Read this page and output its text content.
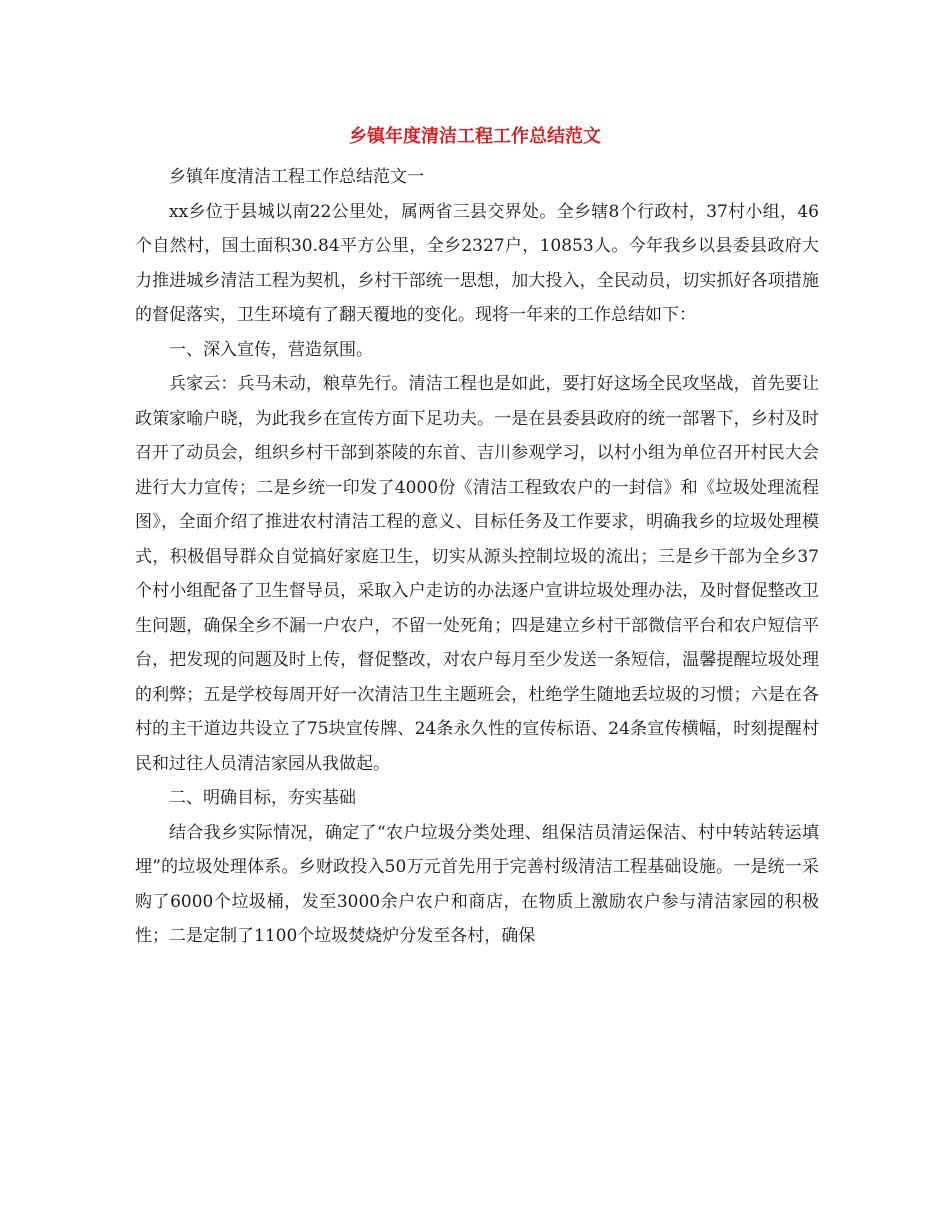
乡镇年度清洁工程工作总结范文

乡镇年度清洁工程工作总结范文一

xx乡位于县城以南22公里处，属两省三县交界处。全乡辖8个行政村，37村小组，46个自然村，国土面积30.84平方公里，全乡2327户，10853人。今年我乡以县委县政府大力推进城乡清洁工程为契机，乡村干部统一思想，加大投入，全民动员，切实抓好各项措施的督促落实，卫生环境有了翻天覆地的变化。现将一年来的工作总结如下：

一、深入宣传，营造氛围。

兵家云：兵马未动，粮草先行。清洁工程也是如此，要打好这场全民攻坚战，首先要让政策家喻户晓，为此我乡在宣传方面下足功夫。一是在县委县政府的统一部署下，乡村及时召开了动员会，组织乡村干部到茶陵的东首、吉川参观学习，以村小组为单位召开村民大会进行大力宣传；二是乡统一印发了4000份《清洁工程致农户的一封信》和《垃圾处理流程图》，全面介绍了推进农村清洁工程的意义、目标任务及工作要求，明确我乡的垃圾处理模式，积极倡导群众自觉搞好家庭卫生，切实从源头控制垃圾的流出；三是乡干部为全乡37个村小组配备了卫生督导员，采取入户走访的办法逐户宣讲垃圾处理办法，及时督促整改卫生问题，确保全乡不漏一户农户，不留一处死角；四是建立乡村干部微信平台和农户短信平台，把发现的问题及时上传，督促整改，对农户每月至少发送一条短信，温馨提醒垃圾处理的利弊；五是学校每周开好一次清洁卫生主题班会，杜绝学生随地丢垃圾的习惯；六是在各村的主干道边共设立了75块宣传牌、24条永久性的宣传标语、24条宣传横幅，时刻提醒村民和过往人员清洁家园从我做起。

二、明确目标，夯实基础

结合我乡实际情况，确定了“农户垃圾分类处理、组保洁员清运保洁、村中转站转运填埋”的垃圾处理体系。乡财政投入50万元首先用于完善村级清洁工程基础设施。一是统一采购了6000个垃圾桶，发至3000余户农户和商店，在物质上激励农户参与清洁家园的积极性；二是定制了1100个垃圾焚烧炉分发至各村，确保
